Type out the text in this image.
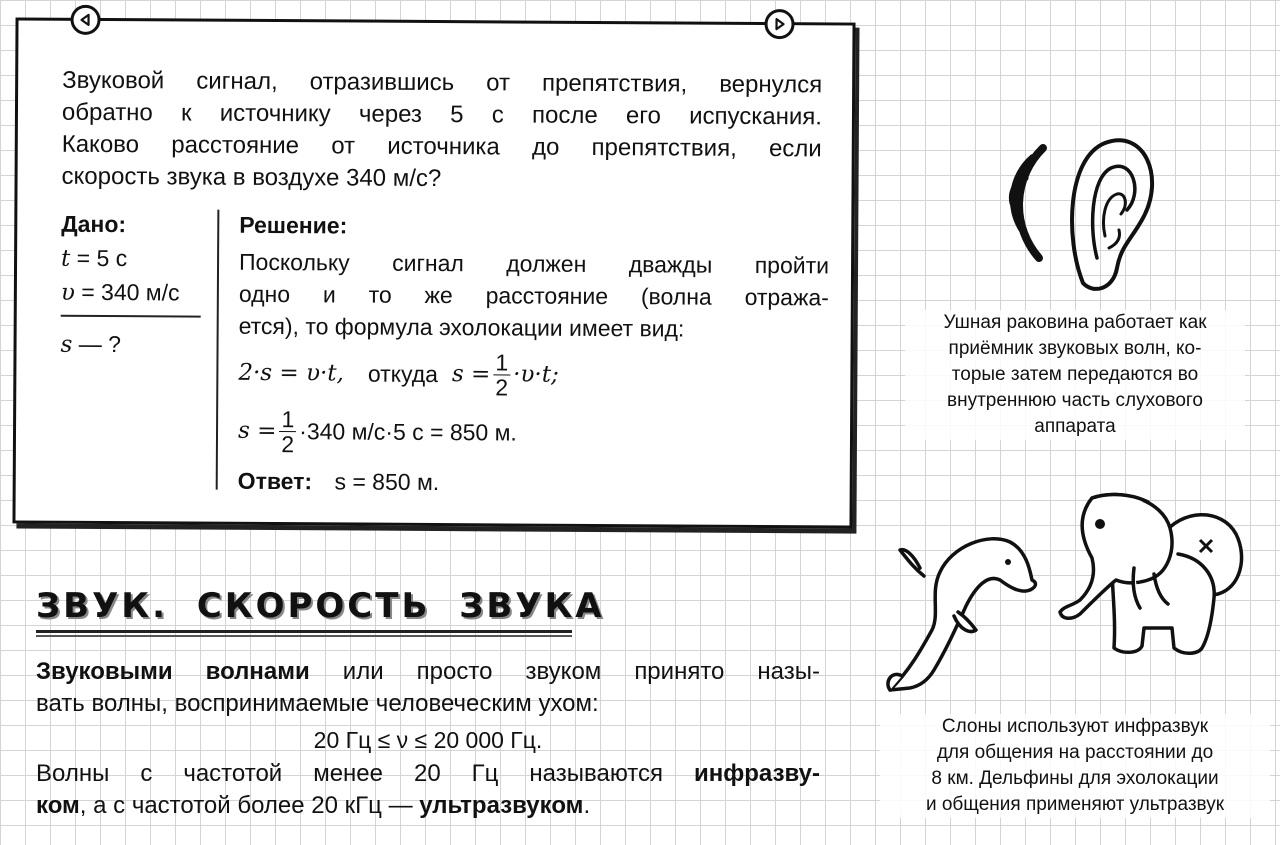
Звуковой сигнал, отразившись от препятствия, вернулся
обратно к источнику через 5 с после его испускания.
Каково расстояние от источника до препятствия, если
скорость звука в воздухе 340 м/с?
Дано:
t = 5 с
υ = 340 м/с
s — ?
Решение:
Поскольку сигнал должен дважды пройти
одно и то же расстояние (волна отража-
ется), то формула эхолокации имеет вид:
2·s = υ·t, откуда $s = \frac{1}{2} \cdot\upsilon\cdot t$;
$s = \frac{1}{2} \cdot 340$ м/с·5 с = 850 м.
Ответ: s = 850 м.
Ушная раковина работает как
приёмник звуковых волн, ко-
торые затем передаются во
внутреннюю часть слухового
аппарата
Слоны используют инфразвук
для общения на расстоянии до
8 км. Дельфины для эхолокации
и общения применяют ультразвук
ЗВУК. СКОРОСТЬ ЗВУКА

Звуковыми волнами или просто звуком принято назы-

вать волны, воспринимаемые человеческим ухом:

20 Гц ≤ ν ≤ 20 000 Гц.

Волны с частотой менее 20 Гц называются инфразву-

ком, а с частотой более 20 кГц — ультразвуком.
